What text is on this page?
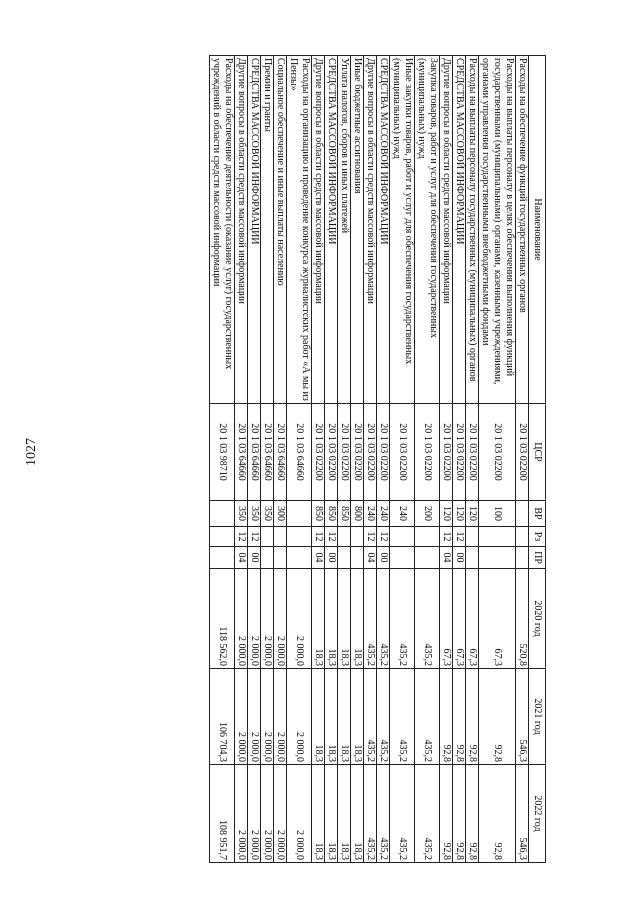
1027
Наименование	ЦСР	ВР	Рз	ПР	2020 год	2021 год	2022 год
Расходы на обеспечение функций государственных органов	20 1 03 02200				520,8	546,3	546,3
Расходы на выплаты персоналу в целях обеспечения выполнения функций государственными (муниципальными) органами, казенными учреждениями, органами управления государственными внебюджетными фондами	20 1 03 02200	100			67,3	92,8	92,8
Расходы на выплаты персоналу государственных (муниципальных) органов	20 1 03 02200	120			67,3	92,8	92,8
СРЕДСТВА МАССОВОЙ ИНФОРМАЦИИ	20 1 03 02200	120	12	00	67,3	92,8	92,8
Другие вопросы в области средств массовой информации	20 1 03 02200	120	12	04	67,3	92,8	92,8
Закупка товаров, работ и услуг для обеспечения государственных (муниципальных) нужд	20 1 03 02200	200			435,2	435,2	435,2
Иные закупки товаров, работ и услуг для обеспечения государственных (муниципальных) нужд	20 1 03 02200	240			435,2	435,2	435,2
СРЕДСТВА МАССОВОЙ ИНФОРМАЦИИ	20 1 03 02200	240	12	00	435,2	435,2	435,2
Другие вопросы в области средств массовой информации	20 1 03 02200	240	12	04	435,2	435,2	435,2
Иные бюджетные ассигнования	20 1 03 02200	800			18,3	18,3	18,3
Уплата налогов, сборов и иных платежей	20 1 03 02200	850			18,3	18,3	18,3
СРЕДСТВА МАССОВОЙ ИНФОРМАЦИИ	20 1 03 02200	850	12	00	18,3	18,3	18,3
Другие вопросы в области средств массовой информации	20 1 03 02200	850	12	04	18,3	18,3	18,3
Расходы на организацию и проведение конкурса журналистских работ «А мы из Пензы»	20 1 03 64660				2 000,0	2 000,0	2 000,0
Социальное обеспечение и иные выплаты населению	20 1 03 64660	300			2 000,0	2 000,0	2 000,0
Премии и гранты	20 1 03 64660	350			2 000,0	2 000,0	2 000,0
СРЕДСТВА МАССОВОЙ ИНФОРМАЦИИ	20 1 03 64660	350	12	00	2 000,0	2 000,0	2 000,0
Другие вопросы в области средств массовой информации	20 1 03 64660	350	12	04	2 000,0	2 000,0	2 000,0
Расходы на обеспечение деятельности (оказание услуг) государственных учреждений в области средств массовой информации	20 1 03 98710				118 562,0	106 704,3	108 951,7
